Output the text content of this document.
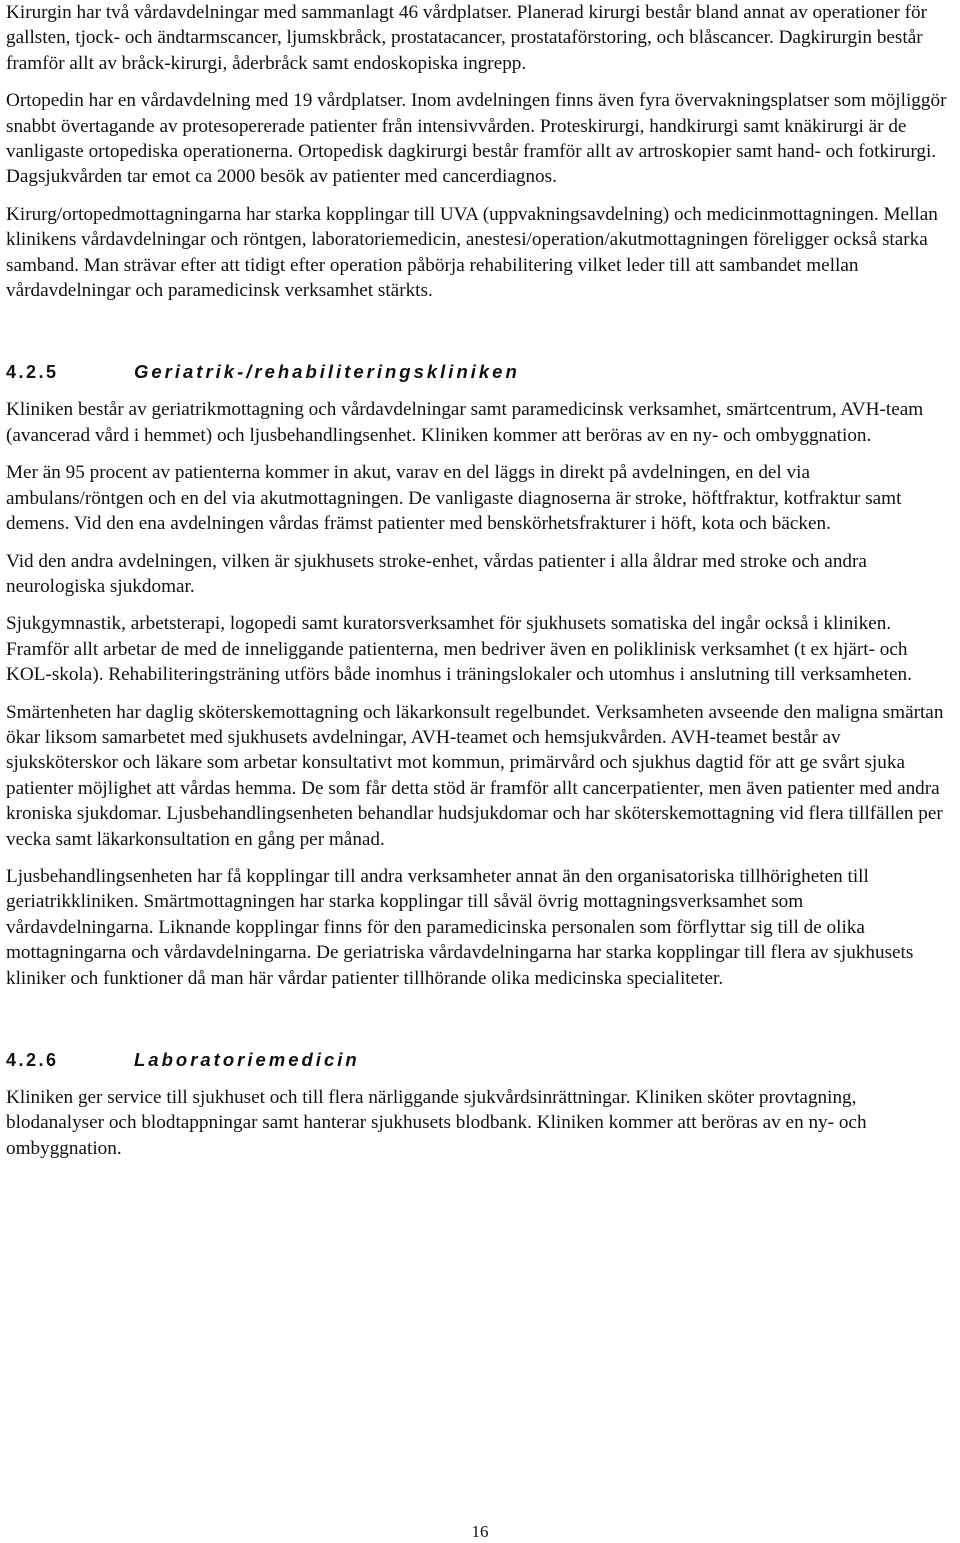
Kirurgin har två vårdavdelningar med sammanlagt 46 vårdplatser. Planerad kirurgi består bland annat av operationer för gallsten, tjock- och ändtarmscancer, ljumskbråck, prostatacancer, prostataförstoring, och blåscancer. Dagkirurgin består framför allt av bråck-kirurgi, åderbråck samt endoskopiska ingrepp.

Ortopedin har en vårdavdelning med 19 vårdplatser. Inom avdelningen finns även fyra övervakningsplatser som möjliggör snabbt övertagande av protesopererade patienter från intensivvården. Proteskirurgi, handkirurgi samt knäkirurgi är de vanligaste ortopediska operationerna. Ortopedisk dagkirurgi består framför allt av artroskopier samt hand- och fotkirurgi. Dagsjukvården tar emot ca 2000 besök av patienter med cancerdiagnos.

Kirurg/ortopedmottagningarna har starka kopplingar till UVA (uppvakningsavdelning) och medicinmottagningen. Mellan klinikens vårdavdelningar och röntgen, laboratoriemedicin, anestesi/operation/akutmottagningen föreligger också starka samband. Man strävar efter att tidigt efter operation påbörja rehabilitering vilket leder till att sambandet mellan vårdavdelningar och paramedicinsk verksamhet stärkts.

4.2.5	Geriatrik-/rehabiliteringskliniken

Kliniken består av geriatrikmottagning och vårdavdelningar samt paramedicinsk verksamhet, smärtcentrum, AVH-team (avancerad vård i hemmet) och ljusbehandlingsenhet. Kliniken kommer att beröras av en ny- och ombyggnation.

Mer än 95 procent av patienterna kommer in akut, varav en del läggs in direkt på avdelningen, en del via ambulans/röntgen och en del via akutmottagningen. De vanligaste diagnoserna är stroke, höftfraktur, kotfraktur samt demens. Vid den ena avdelningen vårdas främst patienter med benskörhetsfrakturer i höft, kota och bäcken.

Vid den andra avdelningen, vilken är sjukhusets stroke-enhet, vårdas patienter i alla åldrar med stroke och andra neurologiska sjukdomar.

Sjukgymnastik, arbetsterapi, logopedi samt kuratorsverksamhet för sjukhusets somatiska del ingår också i kliniken. Framför allt arbetar de med de inneliggande patienterna, men bedriver även en poliklinisk verksamhet (t ex hjärt- och KOL-skola). Rehabiliteringsträning utförs både inomhus i träningslokaler och utomhus i anslutning till verksamheten.

Smärtenheten har daglig sköterskemottagning och läkarkonsult regelbundet. Verksamheten avseende den maligna smärtan ökar liksom samarbetet med sjukhusets avdelningar, AVH-teamet och hemsjukvården. AVH-teamet består av sjuksköterskor och läkare som arbetar konsultativt mot kommun, primärvård och sjukhus dagtid för att ge svårt sjuka patienter möjlighet att vårdas hemma. De som får detta stöd är framför allt cancerpatienter, men även patienter med andra kroniska sjukdomar. Ljusbehandlingsenheten behandlar hudsjukdomar och har sköterskemottagning vid flera tillfällen per vecka samt läkarkonsultation en gång per månad.

Ljusbehandlingsenheten har få kopplingar till andra verksamheter annat än den organisatoriska tillhörigheten till geriatrikkliniken. Smärtmottagningen har starka kopplingar till såväl övrig mottagningsverksamhet som vårdavdelningarna. Liknande kopplingar finns för den paramedicinska personalen som förflyttar sig till de olika mottagningarna och vårdavdelningarna. De geriatriska vårdavdelningarna har starka kopplingar till flera av sjukhusets kliniker och funktioner då man här vårdar patienter tillhörande olika medicinska specialiteter.

4.2.6	Laboratoriemedicin

Kliniken ger service till sjukhuset och till flera närliggande sjukvårdsinrättningar. Kliniken sköter provtagning, blodanalyser och blodtappningar samt hanterar sjukhusets blodbank. Kliniken kommer att beröras av en ny- och ombyggnation.

16
